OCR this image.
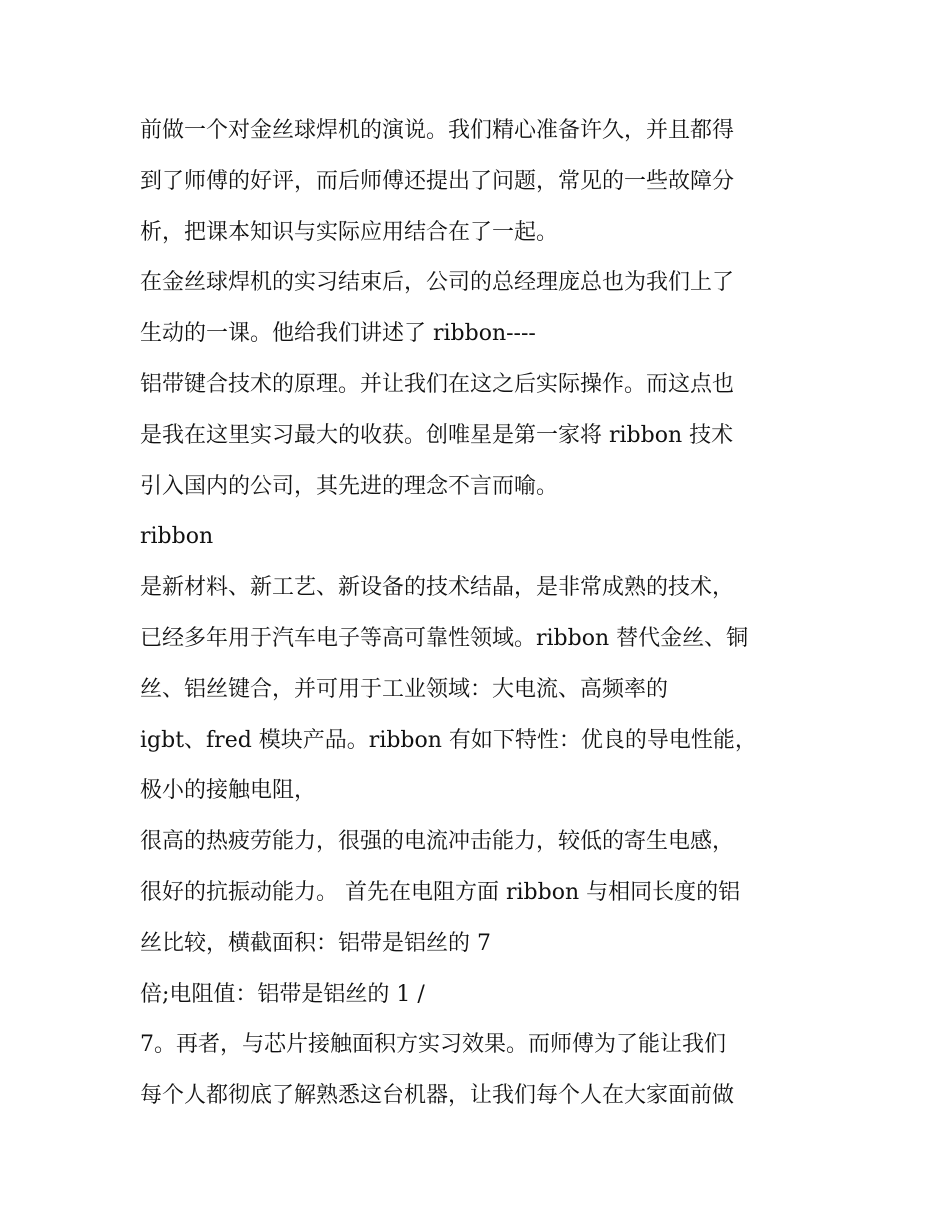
前做一个对金丝球焊机的演说。我们精心准备许久，并且都得
到了师傅的好评，而后师傅还提出了问题，常见的一些故障分
析，把课本知识与实际应用结合在了一起。
在金丝球焊机的实习结束后，公司的总经理庞总也为我们上了
生动的一课。他给我们讲述了 ribbon----
铝带键合技术的原理。并让我们在这之后实际操作。而这点也
是我在这里实习最大的收获。创唯星是第一家将 ribbon 技术
引入国内的公司，其先进的理念不言而喻。
ribbon
是新材料、新工艺、新设备的技术结晶，是非常成熟的技术，
已经多年用于汽车电子等高可靠性领域。ribbon 替代金丝、铜
丝、铝丝键合，并可用于工业领域：大电流、高频率的
igbt、fred 模块产品。ribbon 有如下特性：优良的导电性能，
极小的接触电阻，
很高的热疲劳能力，很强的电流冲击能力，较低的寄生电感，
很好的抗振动能力。 首先在电阻方面 ribbon 与相同长度的铝
丝比较，横截面积：铝带是铝丝的 7
倍;电阻值：铝带是铝丝的 1 /
7。再者，与芯片接触面积方实习效果。而师傅为了能让我们
每个人都彻底了解熟悉这台机器，让我们每个人在大家面前做
